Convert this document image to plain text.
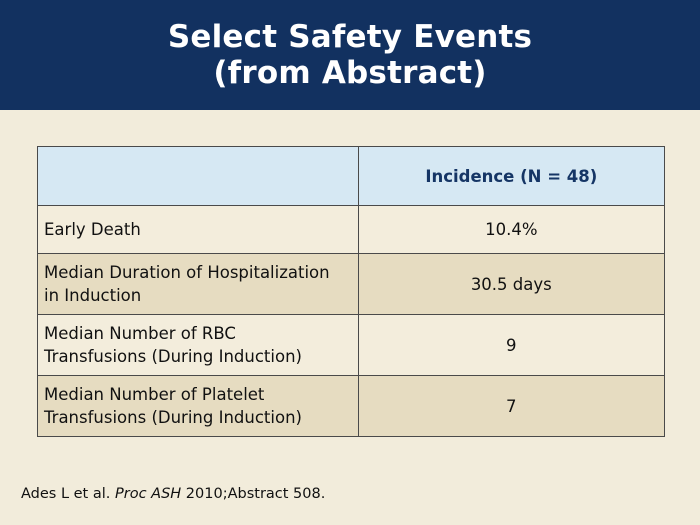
Select Safety Events
(from Abstract)
	Incidence (N = 48)
Early Death	10.4%

Median Duration of Hospitalization
in Induction	30.5 days

Median Number of RBC
Transfusions (During Induction)	9

Median Number of Platelet
Transfusions (During Induction)	7
Ades L et al. Proc ASH 2010;Abstract 508.
